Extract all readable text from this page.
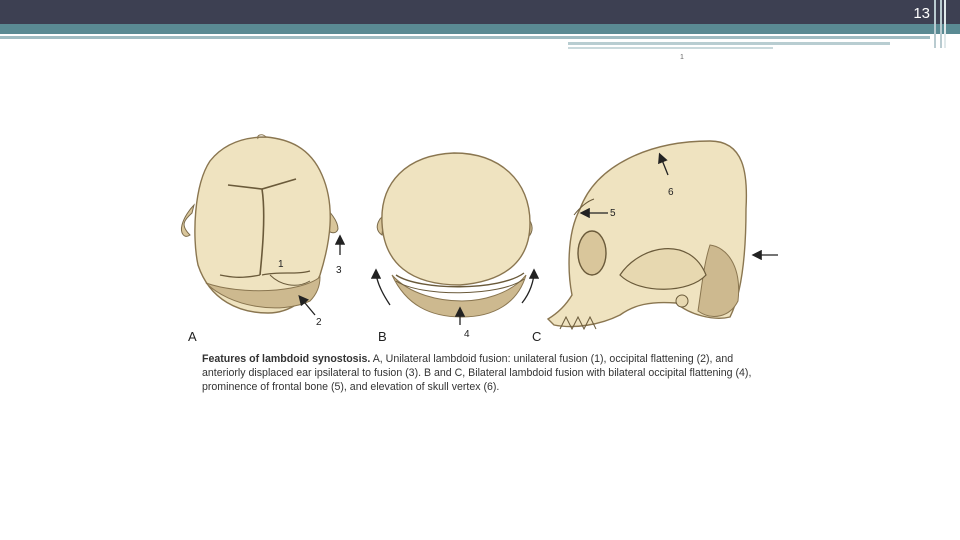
13
1
1
2
3
4
5
6
A	B	C
Features of lambdoid synostosis. A, Unilateral lambdoid fusion: unilateral fusion (1), occipital flattening (2), and anteriorly displaced ear ipsilateral to fusion (3). B and C, Bilateral lambdoid fusion with bilateral occipital flattening (4), prominence of frontal bone (5), and elevation of skull vertex (6).
